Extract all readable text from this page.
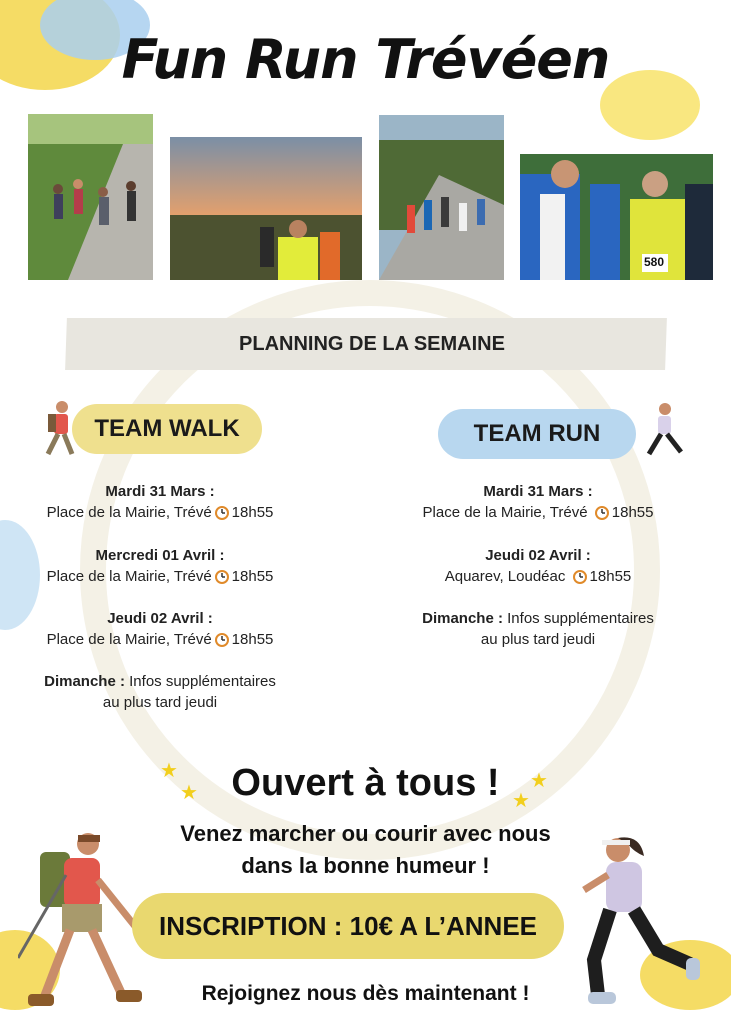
Fun Run Trévéen
580
PLANNING DE LA SEMAINE
TEAM WALK	TEAM RUN
Mardi 31 Mars :
Place de la Mairie, Trévé 18h55
Mercredi 01 Avril :
Place de la Mairie, Trévé 18h55
Jeudi 02 Avril :
Place de la Mairie, Trévé 18h55
Dimanche : Infos supplémentaires
au plus tard jeudi
Mardi 31 Mars :
Place de la Mairie, Trévé 18h55
Jeudi 02 Avril :
Aquarev, Loudéac 18h55
Dimanche : Infos supplémentaires
au plus tard jeudi
★
★
★
★
Ouvert à tous !
Venez marcher ou courir avec nous
dans la bonne humeur !
INSCRIPTION : 10€ A L’ANNEE
Rejoignez nous dès maintenant !
